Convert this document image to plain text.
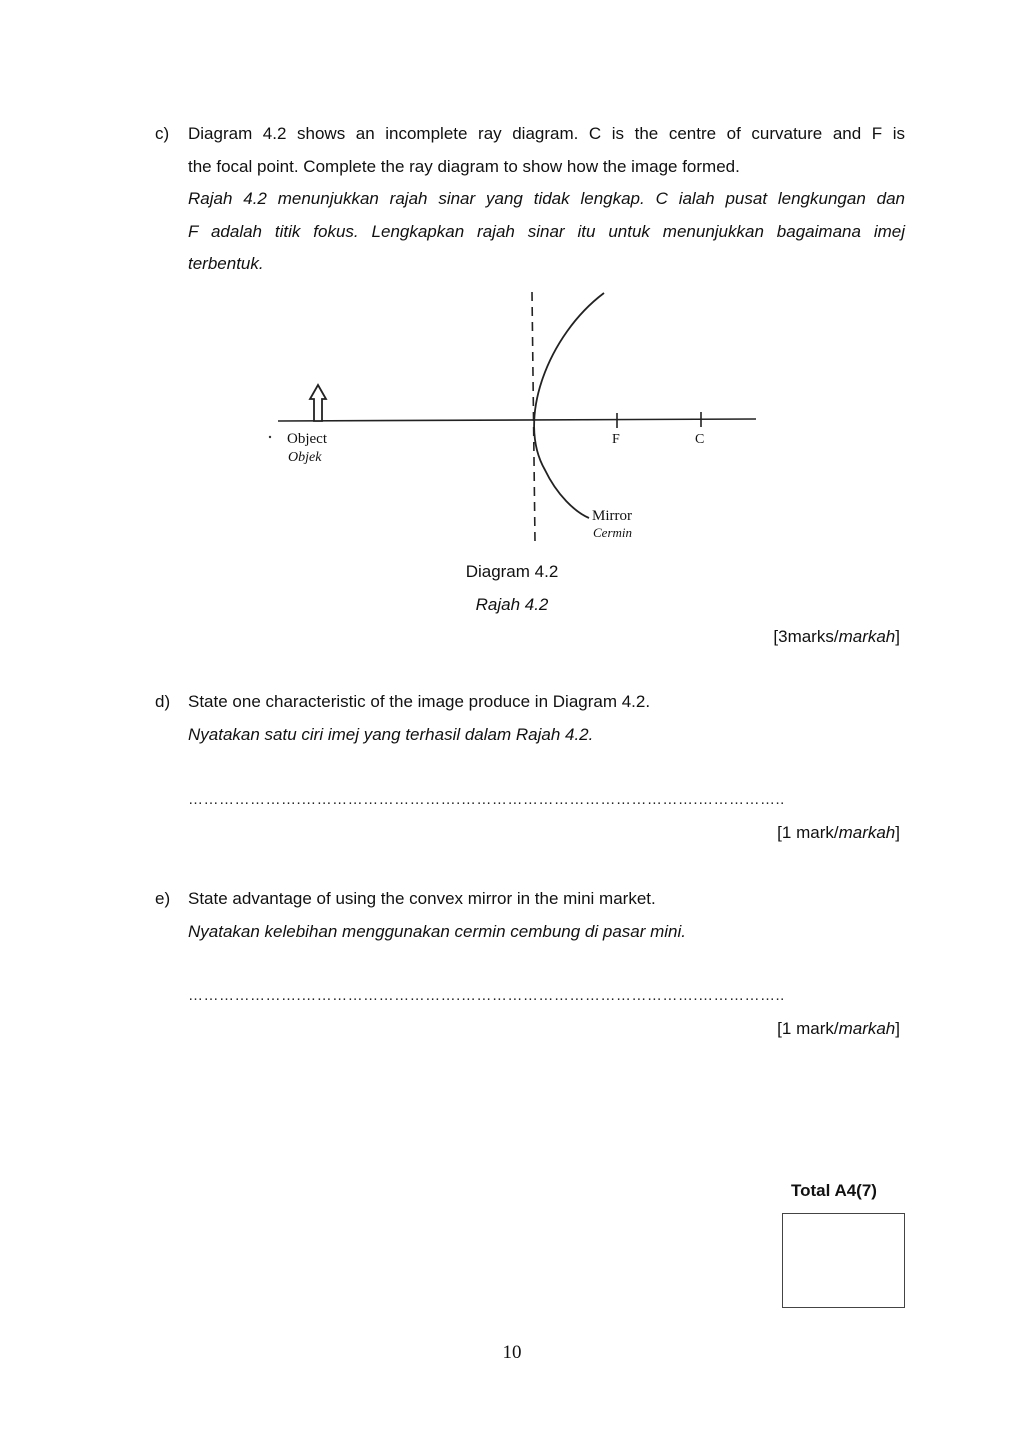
c) Diagram 4.2 shows an incomplete ray diagram. C is the centre of curvature and F is
the focal point. Complete the ray diagram to show how the image formed.
Rajah 4.2 menunjukkan rajah sinar yang tidak lengkap. C ialah pusat lengkungan dan
F adalah titik fokus. Lengkapkan rajah sinar itu untuk menunjukkan bagaimana imej
terbentuk.
Object
Objek
F	C
Mirror
Cermin
Diagram 4.2
Rajah 4.2
[3marks/markah]
d) State one characteristic of the image produce in Diagram 4.2.
Nyatakan satu ciri imej yang terhasil dalam Rajah 4.2.
………………….………………………….……………………………………….……………..
[1 mark/markah]
e) State advantage of using the convex mirror in the mini market.
Nyatakan kelebihan menggunakan cermin cembung di pasar mini.
………………….………………………….……………………………………….……………..
[1 mark/markah]
Total A4(7)
10
